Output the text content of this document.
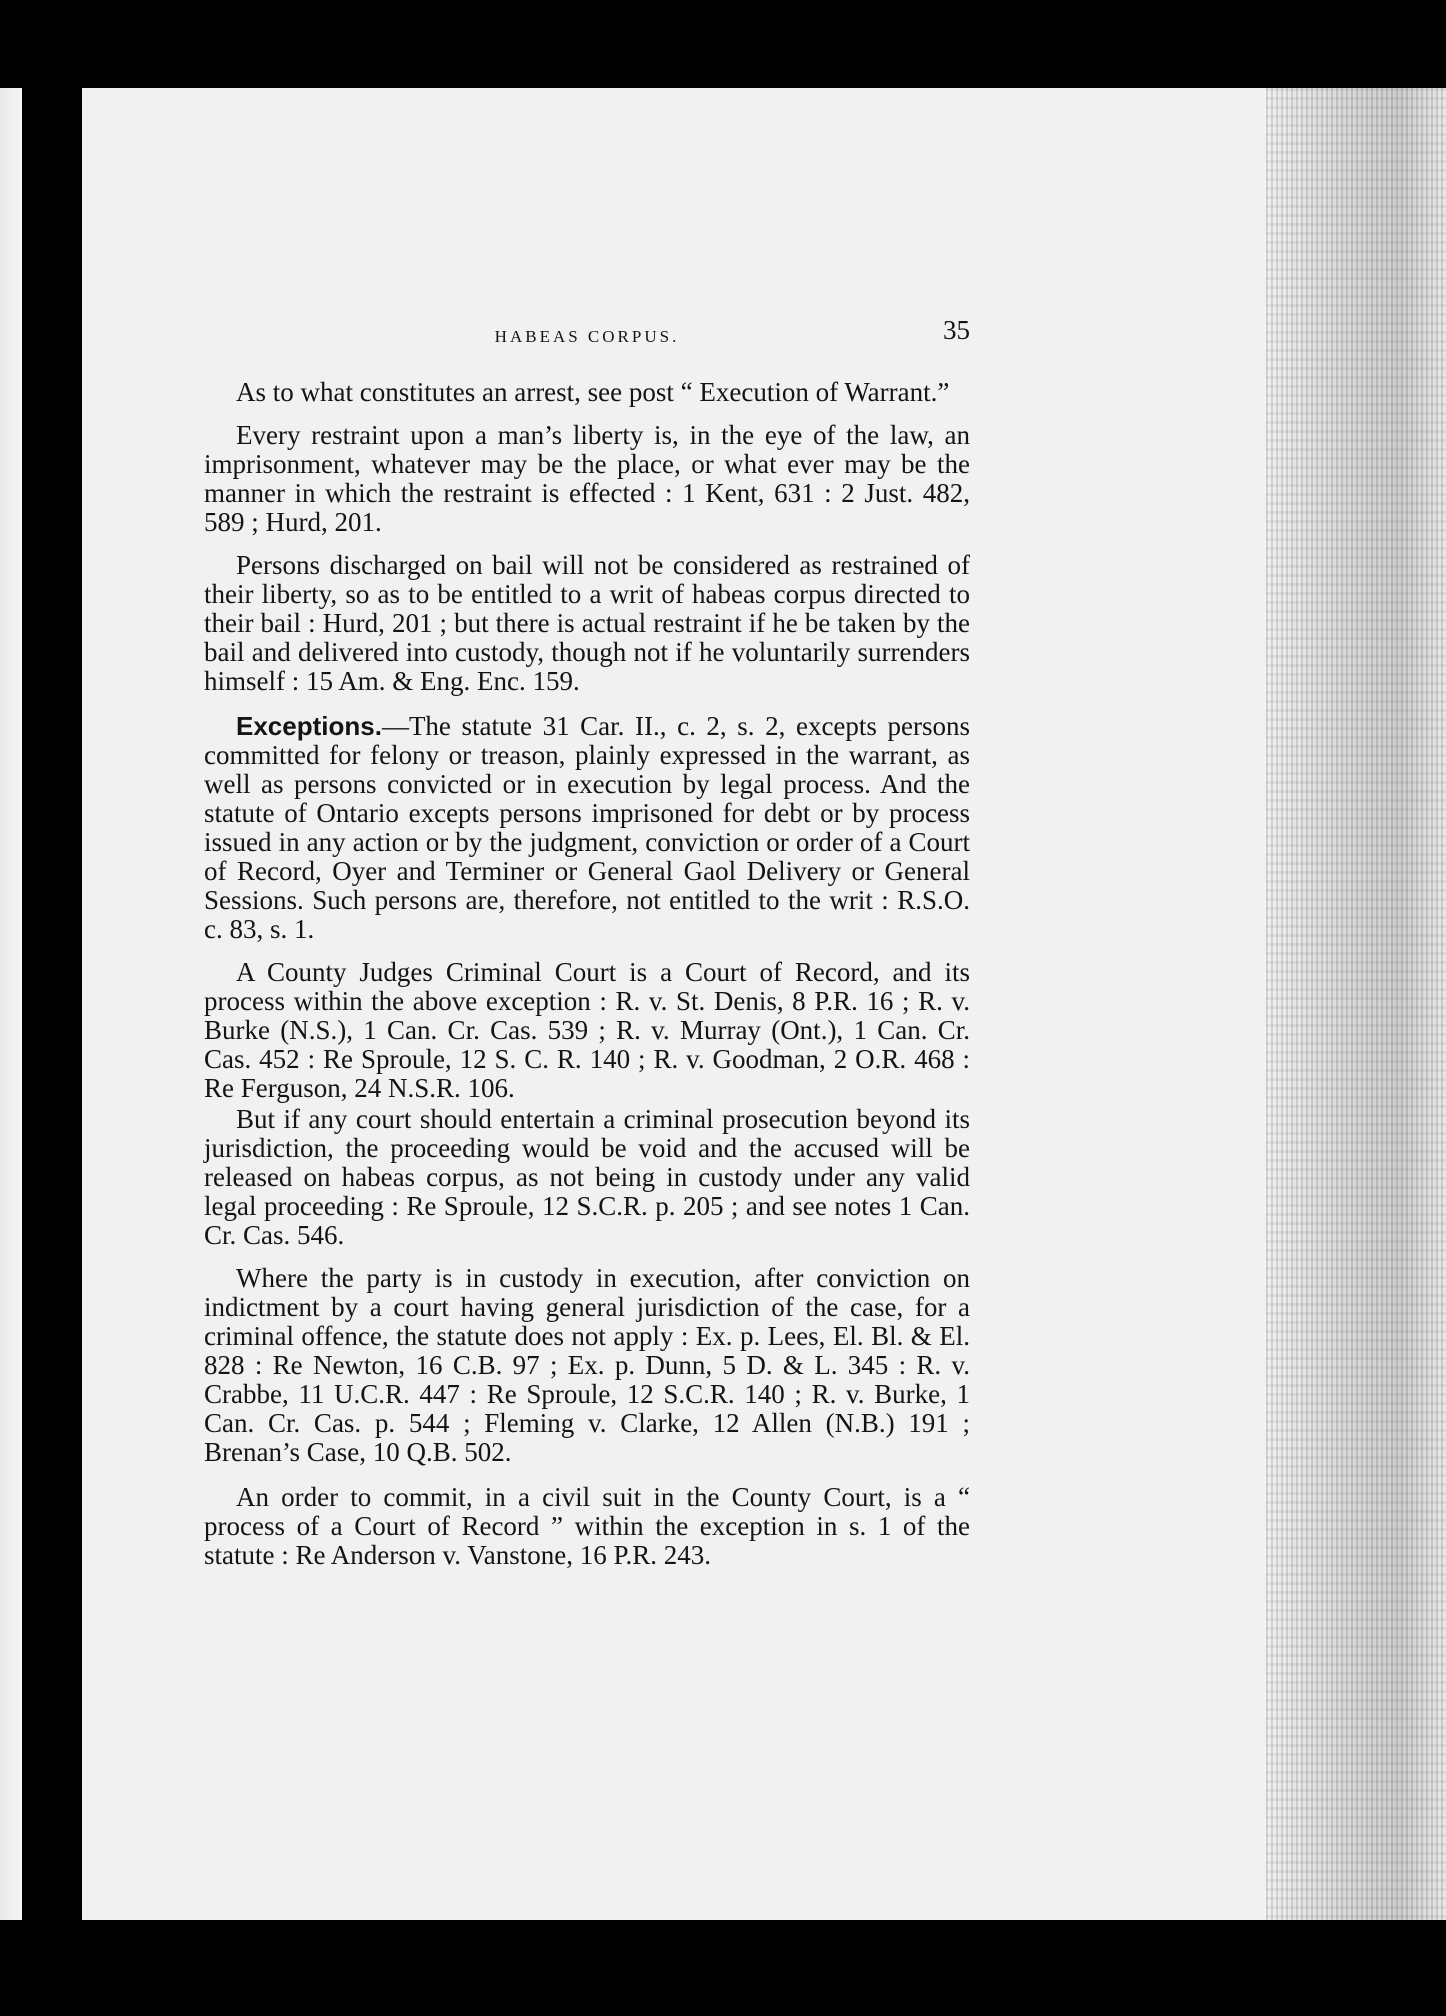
HABEAS CORPUS.	35

As to what constitutes an arrest, see post “ Execution of Warrant.”

Every restraint upon a man’s liberty is, in the eye of the law, an imprisonment, whatever may be the place, or what ever may be the manner in which the restraint is effected : 1 Kent, 631 : 2 Just. 482, 589 ; Hurd, 201.

Persons discharged on bail will not be considered as restrained of their liberty, so as to be entitled to a writ of habeas corpus directed to their bail : Hurd, 201 ; but there is actual restraint if he be taken by the bail and delivered into custody, though not if he voluntarily surrenders himself : 15 Am. & Eng. Enc. 159.

Exceptions.—The statute 31 Car. II., c. 2, s. 2, excepts persons committed for felony or treason, plainly expressed in the warrant, as well as persons convicted or in execution by legal process. And the statute of Ontario excepts persons imprisoned for debt or by process issued in any action or by the judgment, conviction or order of a Court of Record, Oyer and Terminer or General Gaol Delivery or General Sessions. Such persons are, therefore, not entitled to the writ : R.S.O. c. 83, s. 1.

A County Judges Criminal Court is a Court of Record, and its process within the above exception : R. v. St. Denis, 8 P.R. 16 ; R. v. Burke (N.S.), 1 Can. Cr. Cas. 539 ; R. v. Murray (Ont.), 1 Can. Cr. Cas. 452 : Re Sproule, 12 S. C. R. 140 ; R. v. Goodman, 2 O.R. 468 : Re Ferguson, 24 N.S.R. 106.

But if any court should entertain a criminal prosecution beyond its jurisdiction, the proceeding would be void and the accused will be released on habeas corpus, as not being in custody under any valid legal proceeding : Re Sproule, 12 S.C.R. p. 205 ; and see notes 1 Can. Cr. Cas. 546.

Where the party is in custody in execution, after conviction on indictment by a court having general jurisdiction of the case, for a criminal offence, the statute does not apply : Ex. p. Lees, El. Bl. & El. 828 : Re Newton, 16 C.B. 97 ; Ex. p. Dunn, 5 D. & L. 345 : R. v. Crabbe, 11 U.C.R. 447 : Re Sproule, 12 S.C.R. 140 ; R. v. Burke, 1 Can. Cr. Cas. p. 544 ; Fleming v. Clarke, 12 Allen (N.B.) 191 ; Brenan’s Case, 10 Q.B. 502.

An order to commit, in a civil suit in the County Court, is a “ process of a Court of Record ” within the exception in s. 1 of the statute : Re Anderson v. Vanstone, 16 P.R. 243.
